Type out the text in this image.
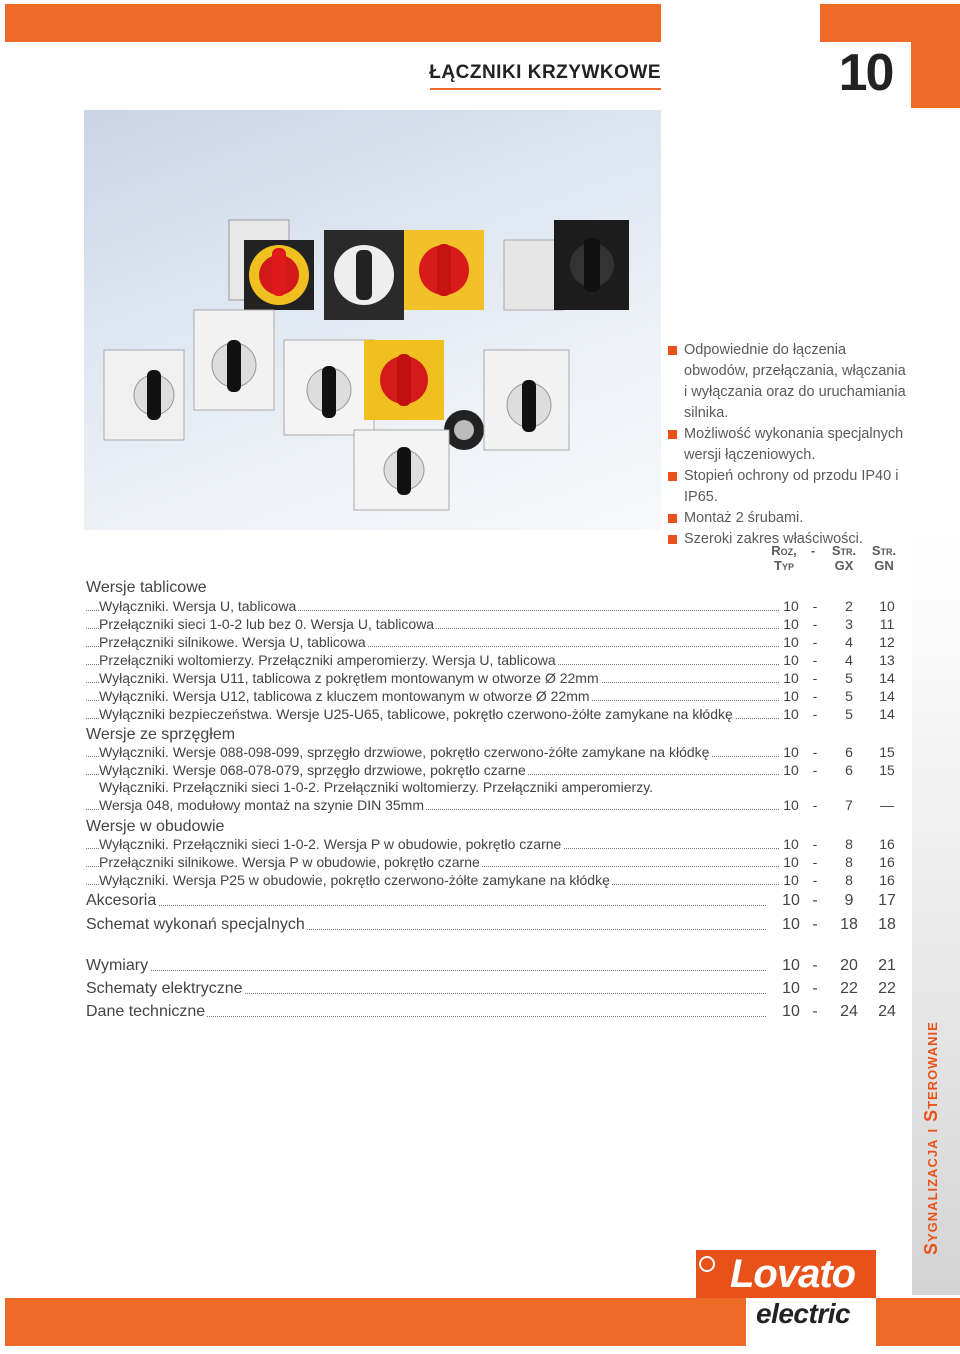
10
ŁĄCZNIKI KRZYWKOWE
Odpowiednie do łączenia obwodów, przełączania, włączania i wyłączania oraz do uruchamiania silnika.
Możliwość wykonania specjalnych wersji łączeniowych.
Stopień ochrony od przodu IP40 i IP65.
Montaż 2 śrubami.
Szeroki zakres właściwości.
Sygnalizacja i Sterowanie
Roz, Typ
-	Str. GX
Str. GN
Wersje tablicowe
Wyłączniki. Wersja U, tablicowa	10 -	2	10
Przełączniki sieci 1-0-2 lub bez 0. Wersja U, tablicowa	10 -	3	11
Przełączniki silnikowe. Wersja U, tablicowa	10 -	4	12
Przełączniki woltomierzy. Przełączniki amperomierzy. Wersja U, tablicowa	10 -	4	13
Wyłączniki. Wersja U11, tablicowa z pokrętłem montowanym w otworze Ø 22mm	10 -	5	14
Wyłączniki. Wersja U12, tablicowa z kluczem montowanym w otworze Ø 22mm	10 -	5	14
Wyłączniki bezpieczeństwa. Wersje U25-U65, tablicowe, pokrętło czerwono-żółte zamykane na kłódkę	10 -	5	14
Wersje ze sprzęgłem
Wyłączniki. Wersje 088-098-099, sprzęgło drzwiowe, pokrętło czerwono-żółte zamykane na kłódkę	10 -	6	15
Wyłączniki. Wersje 068-078-079, sprzęgło drzwiowe, pokrętło czarne	10 -	6	15
Wyłączniki. Przełączniki sieci 1-0-2. Przełączniki woltomierzy. Przełączniki amperomierzy.
Wersja 048, modułowy montaż na szynie DIN 35mm	10 -	7	—
Wersje w obudowie
Wyłączniki. Przełączniki sieci 1-0-2. Wersja P w obudowie, pokrętło czarne	10 -	8	16
Przełączniki silnikowe. Wersja P w obudowie, pokrętło czarne	10 -	8	16
Wyłączniki. Wersja P25 w obudowie, pokrętło czerwono-żółte zamykane na kłódkę	10 -	8	16
Akcesoria	10 -	9	17
Schemat wykonań specjalnych	10 -	18	18
Wymiary	10 -	20	21
Schematy elektryczne	10 -	22	22
Dane techniczne	10 -	24	24
Lovato
electric
